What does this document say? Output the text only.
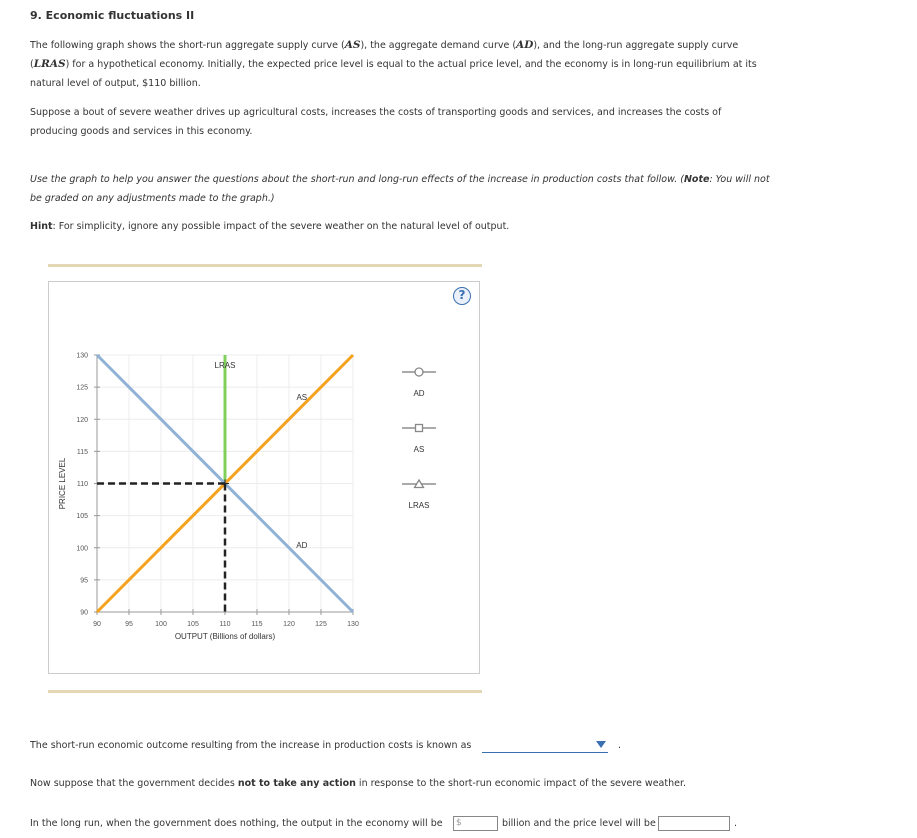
9. Economic fluctuations II
The following graph shows the short-run aggregate supply curve (AS), the aggregate demand curve (AD), and the long-run aggregate supply curve (LRAS) for a hypothetical economy. Initially, the expected price level is equal to the actual price level, and the economy is in long-run equilibrium at its natural level of output, $110 billion.
Suppose a bout of severe weather drives up agricultural costs, increases the costs of transporting goods and services, and increases the costs of producing goods and services in this economy.
Use the graph to help you answer the questions about the short-run and long-run effects of the increase in production costs that follow. (Note: You will not be graded on any adjustments made to the graph.)
Hint: For simplicity, ignore any possible impact of the severe weather on the natural level of output.
?
90	95	100	105	110	115	120	125	130
90
95
100
105
110
115
120
125
130
OUTPUT (Billions of dollars)
PRICE LEVEL
LRAS
AS
AD
AD
AS
LRAS
The short-run economic outcome resulting from the increase in production costs is known as	.
Now suppose that the government decides not to take any action in response to the short-run economic impact of the severe weather.
In the long run, when the government does nothing, the output in the economy will be	$	billion and the price level will be	.
